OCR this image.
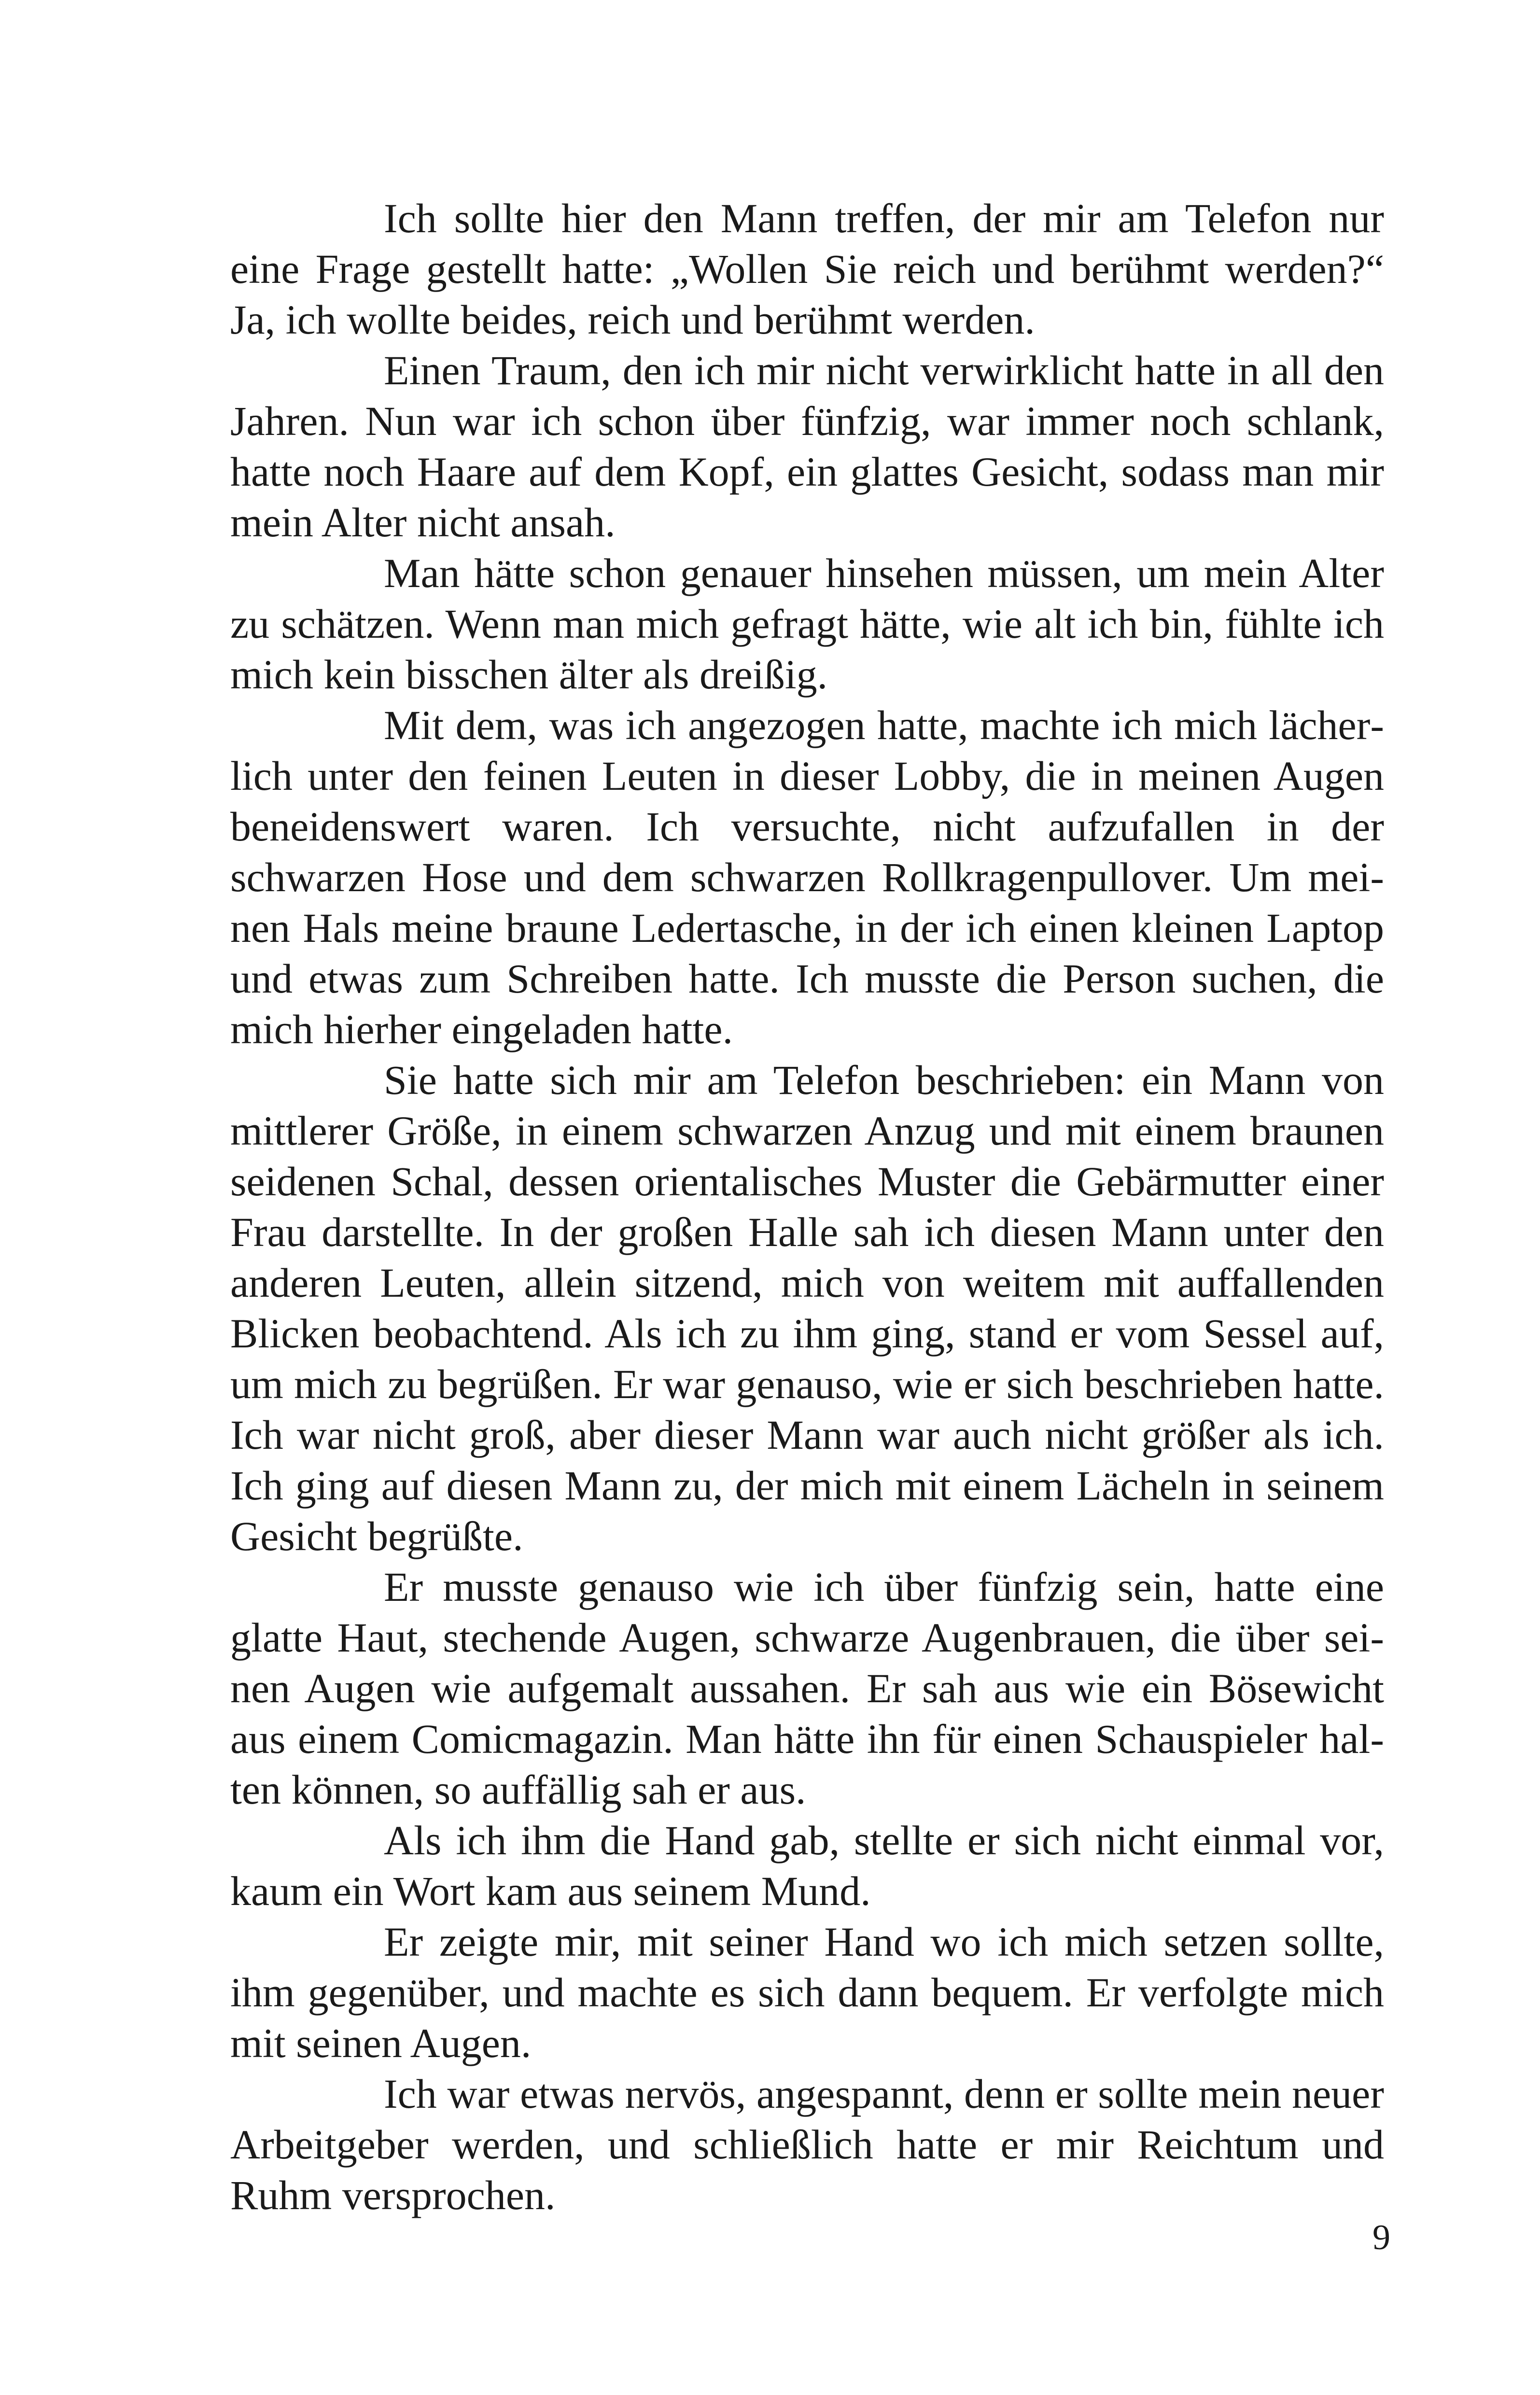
Ich sollte hier den Mann treffen, der mir am Telefon nur eine Frage gestellt hatte: „Wollen Sie reich und berühmt werden?“ Ja, ich wollte beides, reich und berühmt werden.

Einen Traum, den ich mir nicht verwirklicht hatte in all den Jahren. Nun war ich schon über fünfzig, war immer noch schlank, hatte noch Haare auf dem Kopf, ein glattes Gesicht, sodass man mir mein Alter nicht ansah.

Man hätte schon genauer hinsehen müssen, um mein Alter zu schätzen. Wenn man mich gefragt hätte, wie alt ich bin, fühlte ich mich kein bisschen älter als dreißig.

Mit dem, was ich angezogen hatte, machte ich mich lächerlich unter den feinen Leuten in dieser Lobby, die in meinen Augen beneidenswert waren. Ich versuchte, nicht aufzufallen in der schwarzen Hose und dem schwarzen Rollkragenpullover. Um meinen Hals meine braune Ledertasche, in der ich einen kleinen Laptop und etwas zum Schreiben hatte. Ich musste die Person suchen, die mich hierher eingeladen hatte.

Sie hatte sich mir am Telefon beschrieben: ein Mann von mittlerer Größe, in einem schwarzen Anzug und mit einem braunen seidenen Schal, dessen orientalisches Muster die Gebärmutter einer Frau darstellte. In der großen Halle sah ich diesen Mann unter den anderen Leuten, allein sitzend, mich von weitem mit auffallenden Blicken beobachtend. Als ich zu ihm ging, stand er vom Sessel auf, um mich zu begrüßen. Er war genauso, wie er sich beschrieben hatte. Ich war nicht groß, aber dieser Mann war auch nicht größer als ich. Ich ging auf diesen Mann zu, der mich mit einem Lächeln in seinem Gesicht begrüßte.

Er musste genauso wie ich über fünfzig sein, hatte eine glatte Haut, stechende Augen, schwarze Augenbrauen, die über seinen Augen wie aufgemalt aussahen. Er sah aus wie ein Bösewicht aus einem Comicmagazin. Man hätte ihn für einen Schauspieler halten können, so auffällig sah er aus.

Als ich ihm die Hand gab, stellte er sich nicht einmal vor, kaum ein Wort kam aus seinem Mund.

Er zeigte mir, mit seiner Hand wo ich mich setzen sollte, ihm gegenüber, und machte es sich dann bequem. Er verfolgte mich mit seinen Augen.

Ich war etwas nervös, angespannt, denn er sollte mein neuer Arbeitgeber werden, und schließlich hatte er mir Reichtum und Ruhm versprochen.

9
